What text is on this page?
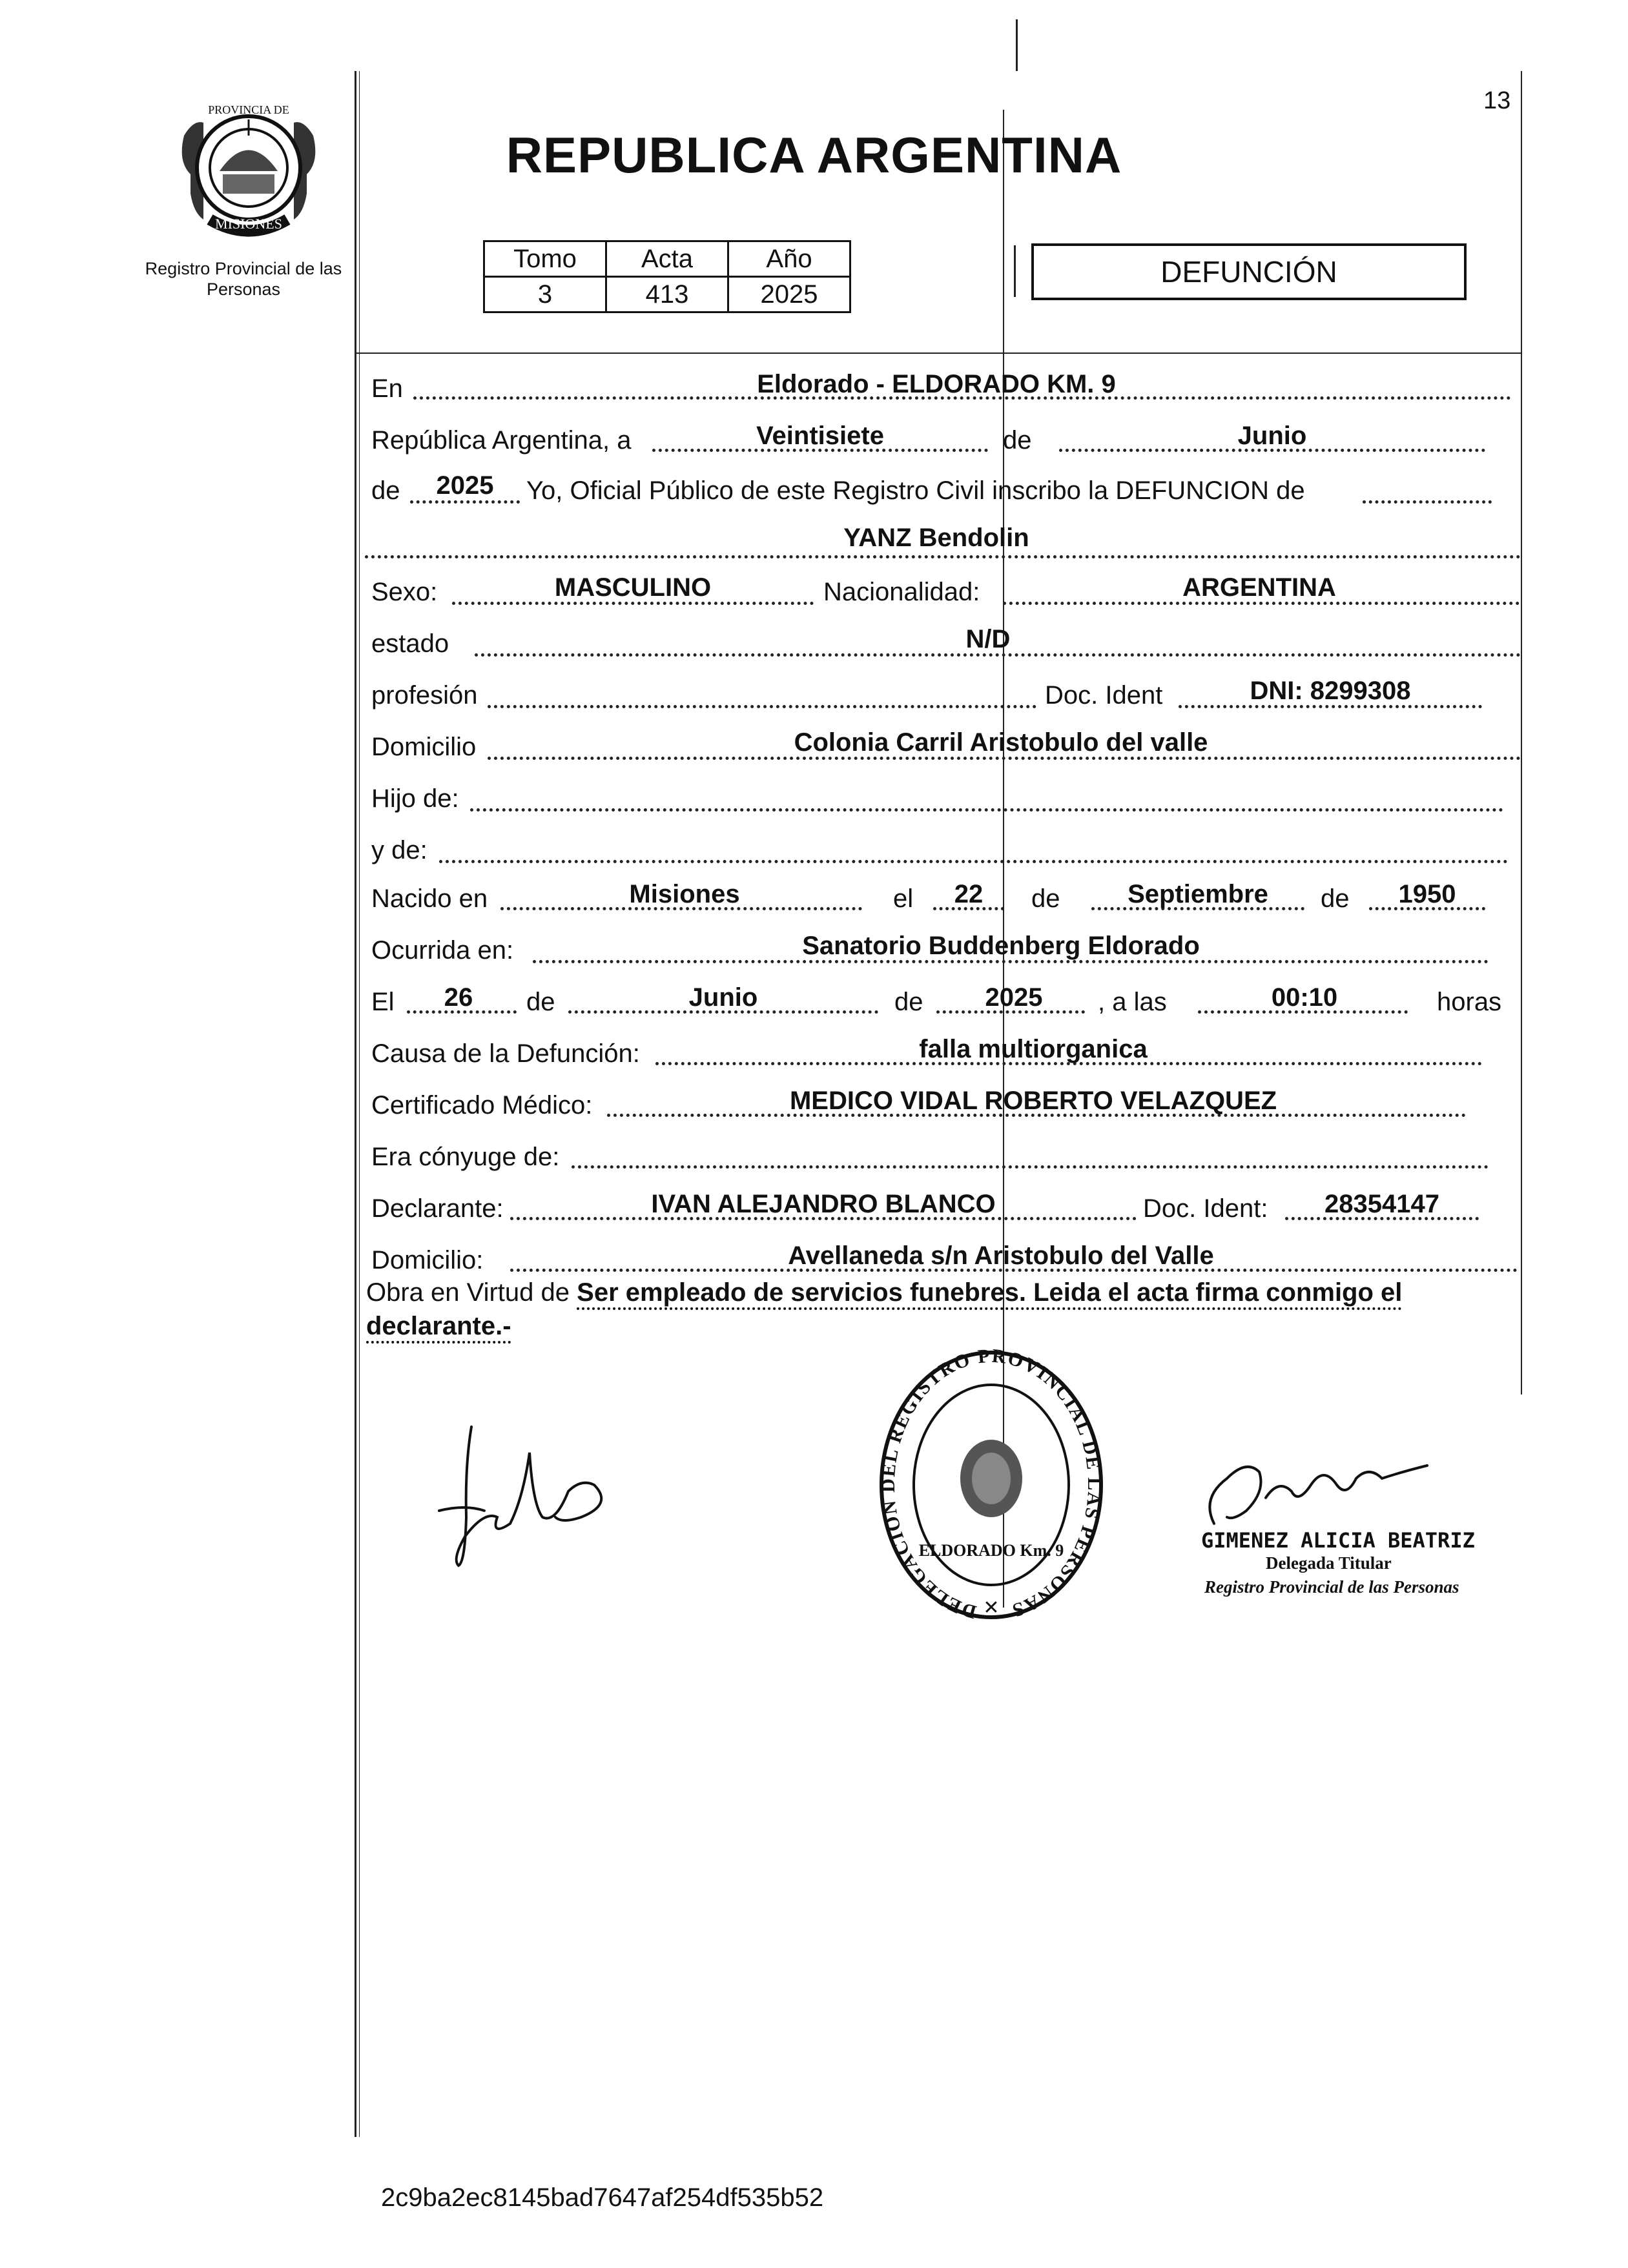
13
PROVINCIA DE
MISIONES
Registro Provincial de las Personas
REPUBLICA ARGENTINA
Tomo	Acta	Año
3	413	2025
DEFUNCIÓN
En	Eldorado - ELDORADO KM. 9
República Argentina, a	Veintisiete	de	Junio
de	2025	Yo, Oficial Público de este Registro Civil inscribo la DEFUNCION de
YANZ Bendolin
Sexo:	MASCULINO	Nacionalidad:	ARGENTINA
estado	N/D
profesión	Doc. Ident	DNI: 8299308
Domicilio	Colonia Carril Aristobulo del valle
Hijo de:
y de:
Nacido en	Misiones	el	22	de	Septiembre	de	1950
Ocurrida en:	Sanatorio Buddenberg Eldorado
El	26	de	Junio	de	2025	, a las	00:10	horas
Causa de la Defunción:	falla multiorganica
Certificado Médico:	MEDICO VIDAL ROBERTO VELAZQUEZ
Era cónyuge de:
Declarante:	IVAN ALEJANDRO BLANCO	Doc. Ident:	28354147
Domicilio:	Avellaneda s/n Aristobulo del Valle
Obra en Virtud de Ser empleado de servicios funebres. Leida el acta firma conmigo el declarante.-
DELEGACION DEL REGISTRO PROVINCIAL DE LAS PERSONAS
ELDORADO Km. 9
✕
GIMENEZ ALICIA BEATRIZ
Delegada Titular
Registro Provincial de las Personas
2c9ba2ec8145bad7647af254df535b52
